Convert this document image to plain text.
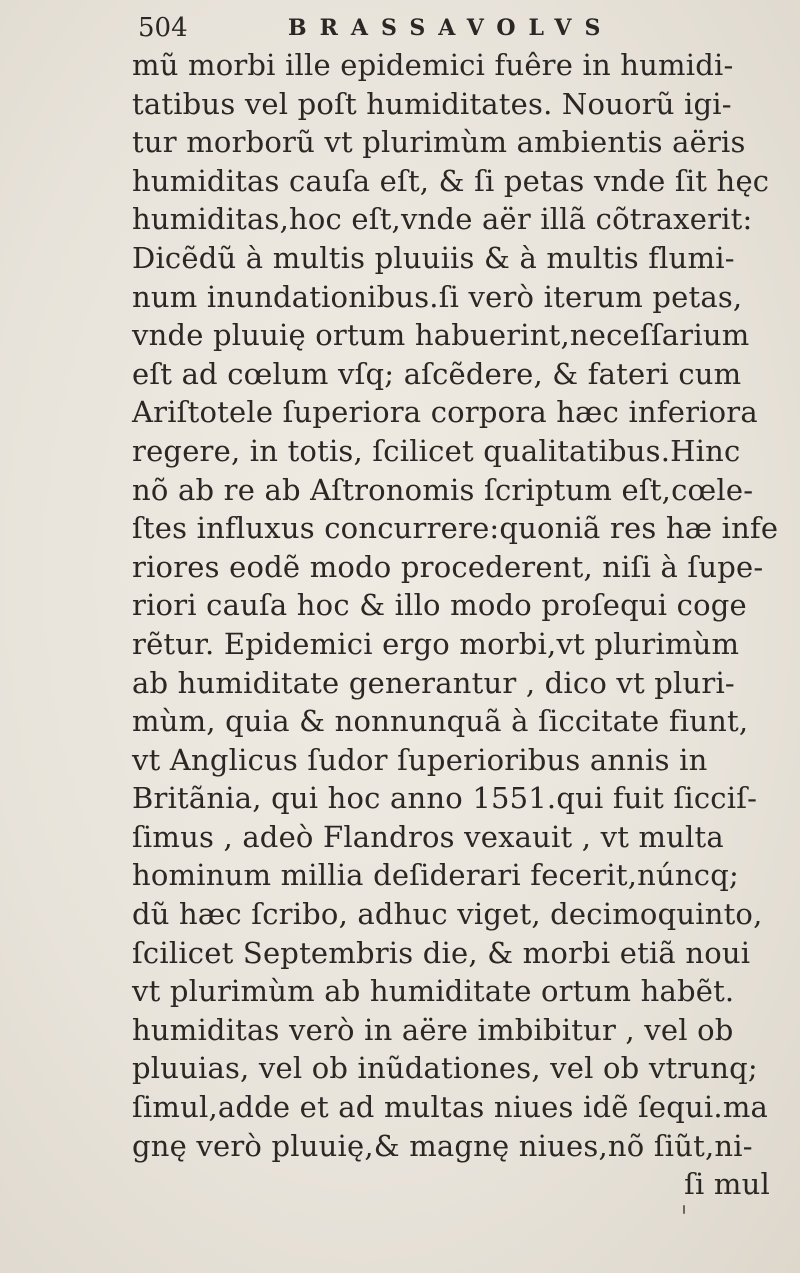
504	BRASSAVOLVS
mũ morbi ille epidemici fuêre in humidi-
tatibus vel poſt humiditates. Nouorũ igi-
tur morborũ vt plurimùm ambientis aëris
humiditas cauſa eſt, & ſi petas vnde ſit hęc
humiditas,hoc eſt,vnde aër illã cõtraxerit:
Dicẽdũ à multis pluuiis & à multis flumi-
num inundationibus.ſi verò iterum petas,
vnde pluuię ortum habuerint,neceſſarium
eſt ad cœlum vſq; aſcẽdere, & fateri cum
Ariſtotele ſuperiora corpora hæc inferiora
regere, in totis, ſcilicet qualitatibus.Hinc
nõ ab re ab Aſtronomis ſcriptum eſt,cœle-
ſtes influxus concurrere:quoniã res hæ infe
riores eodẽ modo procederent, niſi à ſupe-
riori cauſa hoc & illo modo proſequi coge
rẽtur. Epidemici ergo morbi,vt plurimùm
ab humiditate generantur , dico vt pluri-
mùm, quia & nonnunquã à ſiccitate fiunt,
vt Anglicus ſudor ſuperioribus annis in
Britãnia, qui hoc anno 1551.qui fuit ſicciſ-
ſimus , adeò Flandros vexauit , vt multa
hominum millia deſiderari fecerit,núncq;
dũ hæc ſcribo, adhuc viget, decimoquinto,
ſcilicet Septembris die, & morbi etiã noui
vt plurimùm ab humiditate ortum habẽt.
humiditas verò in aëre imbibitur , vel ob
pluuias, vel ob inũdationes, vel ob vtrunq;
ſimul,adde et ad multas niues idẽ ſequi.ma
gnę verò pluuię,& magnę niues,nõ ſiũt,ni-
ſi mul
